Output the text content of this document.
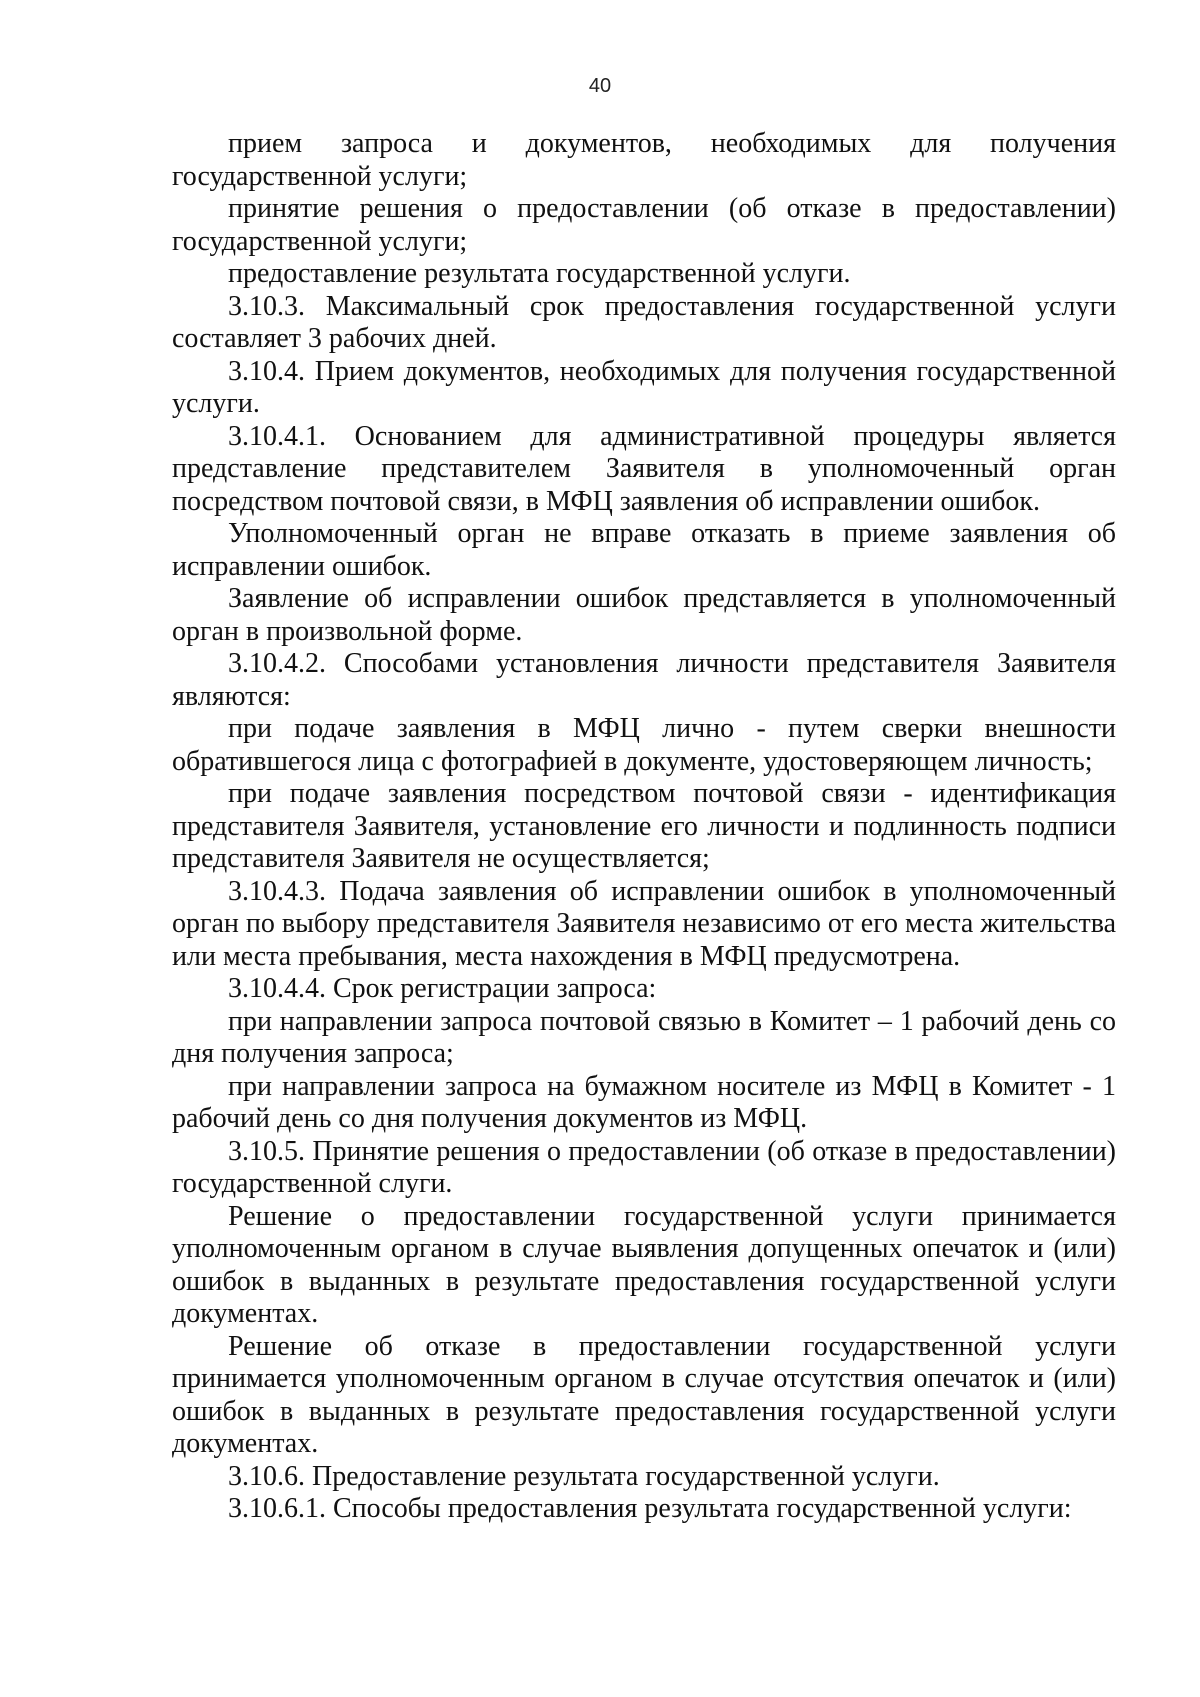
40

прием запроса и документов, необходимых для получения государственной услуги;

принятие решения о предоставлении (об отказе в предоставлении) государственной услуги;

предоставление результата государственной услуги.

3.10.3. Максимальный срок предоставления государственной услуги составляет 3 рабочих дней.

3.10.4. Прием документов, необходимых для получения государственной услуги.

3.10.4.1. Основанием для административной процедуры является представление представителем Заявителя в уполномоченный орган посредством почтовой связи, в МФЦ заявления об исправлении ошибок.

Уполномоченный орган не вправе отказать в приеме заявления об исправлении ошибок.

Заявление об исправлении ошибок представляется в уполномоченный орган в произвольной форме.

3.10.4.2. Способами установления личности представителя Заявителя являются:

при подаче заявления в МФЦ лично - путем сверки внешности обратившегося лица с фотографией в документе, удостоверяющем личность;

при подаче заявления посредством почтовой связи - идентификация представителя Заявителя, установление его личности и подлинность подписи представителя Заявителя не осуществляется;

3.10.4.3. Подача заявления об исправлении ошибок в уполномоченный орган по выбору представителя Заявителя независимо от его места жительства или места пребывания, места нахождения в МФЦ предусмотрена.

3.10.4.4. Срок регистрации запроса:

при направлении запроса почтовой связью в Комитет – 1 рабочий день со дня получения запроса;

при направлении запроса на бумажном носителе из МФЦ в Комитет - 1 рабочий день со дня получения документов из МФЦ.

3.10.5. Принятие решения о предоставлении (об отказе в предоставлении) государственной слуги.

Решение о предоставлении государственной услуги принимается уполномоченным органом в случае выявления допущенных опечаток и (или) ошибок в выданных в результате предоставления государственной услуги документах.

Решение об отказе в предоставлении государственной услуги принимается уполномоченным органом в случае отсутствия опечаток и (или) ошибок в выданных в результате предоставления государственной услуги документах.

3.10.6. Предоставление результата государственной услуги.

3.10.6.1. Способы предоставления результата государственной услуги:
